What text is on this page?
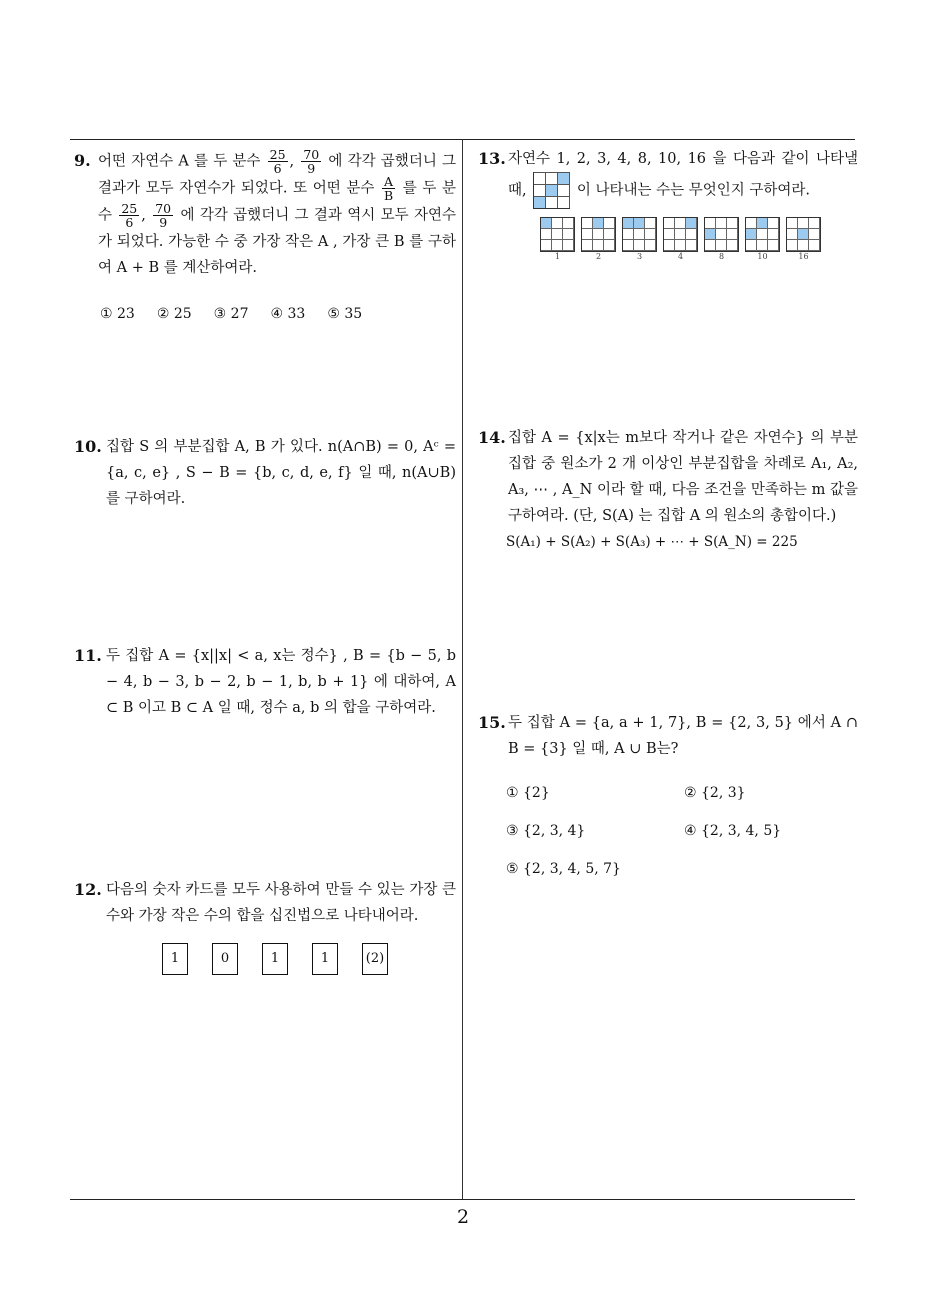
9. 어떤 자연수 A 를 두 분수 $\frac{25}{6}$ , $\frac{70}{9}$ 에 각각 곱했더니 그 결과가 모두 자연수가 되었다. 또 어떤 분수 $\frac{A}{B}$ 를 두 분수 $\frac{25}{6}$ , $\frac{70}{9}$ 에 각각 곱했더니 그 결과 역시 모두 자연수가 되었다. 가능한 수 중 가장 작은 A , 가장 큰 B 를 구하여 A + B 를 계산하여라.
① 23 ② 25 ③ 27 ④ 33 ⑤ 35
10. 집합 S 의 부분집합 A, B 가 있다. n(A∩B) = 0, Aᶜ = {a, c, e} , S − B = {b, c, d, e, f} 일 때, n(A∪B) 를 구하여라.
11. 두 집합 A = {x||x| < a, x는 정수} , B = {b − 5, b − 4, b − 3, b − 2, b − 1, b, b + 1} 에 대하여, A ⊂ B 이고 B ⊂ A 일 때, 정수 a, b 의 합을 구하여라.
12. 다음의 숫자 카드를 모두 사용하여 만들 수 있는 가장 큰 수와 가장 작은 수의 합을 십진법으로 나타내어라.
1	0	1	1	(2)
13. 자연수 1, 2, 3, 4, 8, 10, 16 을 다음과 같이 나타낼 때,	이 나타내는 수는 무엇인지 구하여라.
1	2	3	4	8	10	16
14. 집합 A = {x|x는 m보다 작거나 같은 자연수} 의 부분집합 중 원소가 2 개 이상인 부분집합을 차례로 A₁, A₂, A₃, ⋯ , A_N 이라 할 때, 다음 조건을 만족하는 m 값을 구하여라. (단, S(A) 는 집합 A 의 원소의 총합이다.)
S(A₁) + S(A₂) + S(A₃) + ⋯ + S(A_N) = 225
15. 두 집합 A = {a, a + 1, 7}, B = {2, 3, 5} 에서 A ∩ B = {3} 일 때, A ∪ B는?
① {2}	② {2, 3}
③ {2, 3, 4}	④ {2, 3, 4, 5}
⑤ {2, 3, 4, 5, 7}
2
